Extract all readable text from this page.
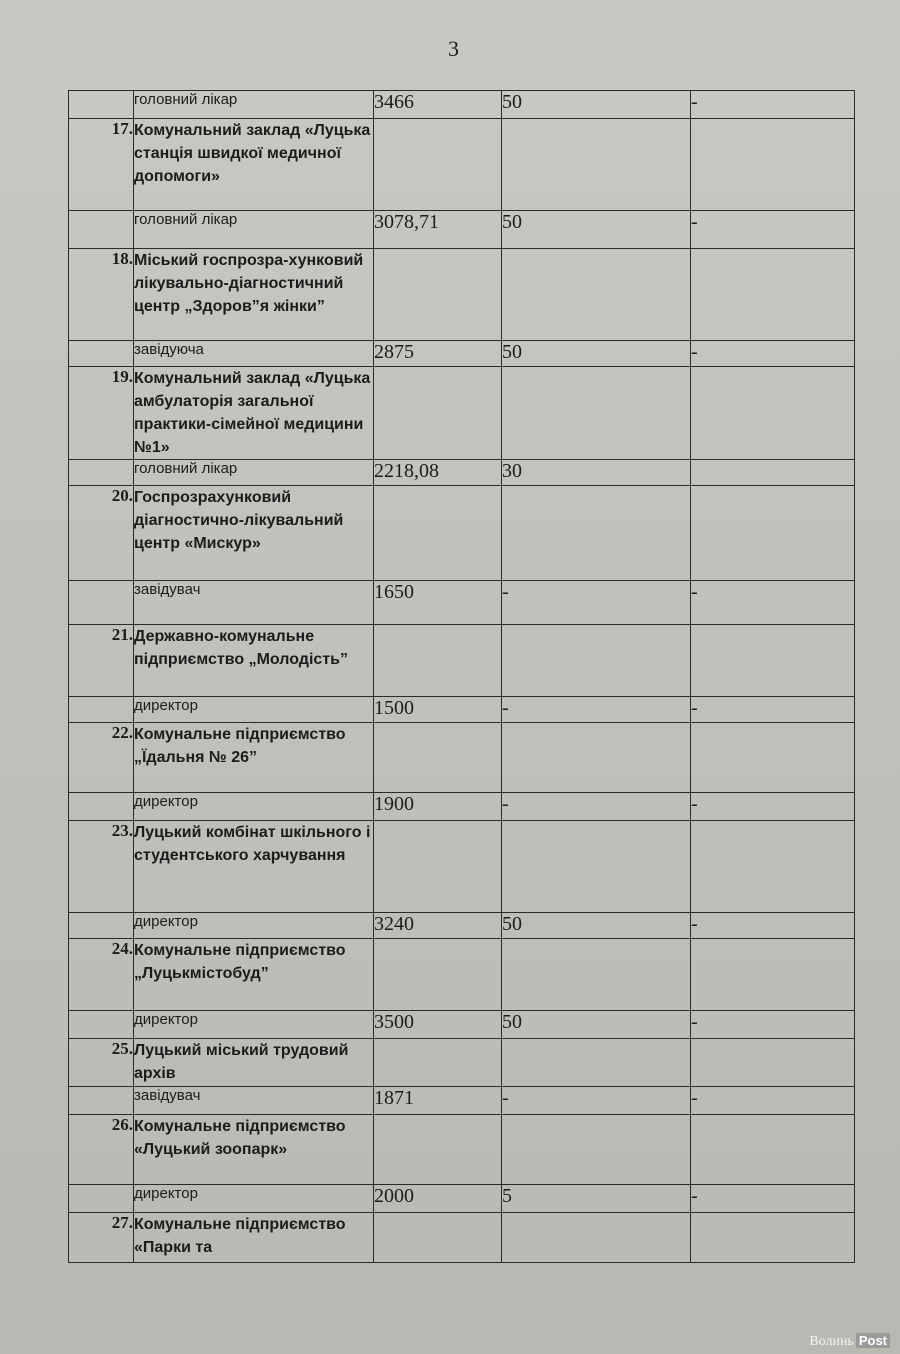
3
	головний лікар	3466	50	-
17.	Комунальний заклад «Луцька станція швидкої медичної допомоги»			
	головний лікар	3078,71	50	-
18.	Міський госпрозра-хунковий лікувально-діагностичний центр „Здоров”я жінки”			
	завідуюча	2875	50	-
19.	Комунальний заклад «Луцька амбулаторія загальної практики-сімейної медицини №1»			
	головний лікар	2218,08	30	
20.	Госпрозрахунковий діагностично-лікувальний центр «Мискур»			
	завідувач	1650	-	-
21.	Державно-комунальне підприємство „Молодість”			
	директор	1500	-	-
22.	Комунальне підприємство „Їдальня № 26”			
	директор	1900	-	-
23.	Луцький комбінат шкільного і студентського харчування			
	директор	3240	50	-
24.	Комунальне підприємство „Луцькмістобуд”			
	директор	3500	50	-
25.	Луцький міський трудовий архів			
	завідувач	1871	-	-
26.	Комунальне підприємство «Луцький зоопарк»			
	директор	2000	5	-
27.	Комунальне підприємство «Парки та			
Волинь Post
